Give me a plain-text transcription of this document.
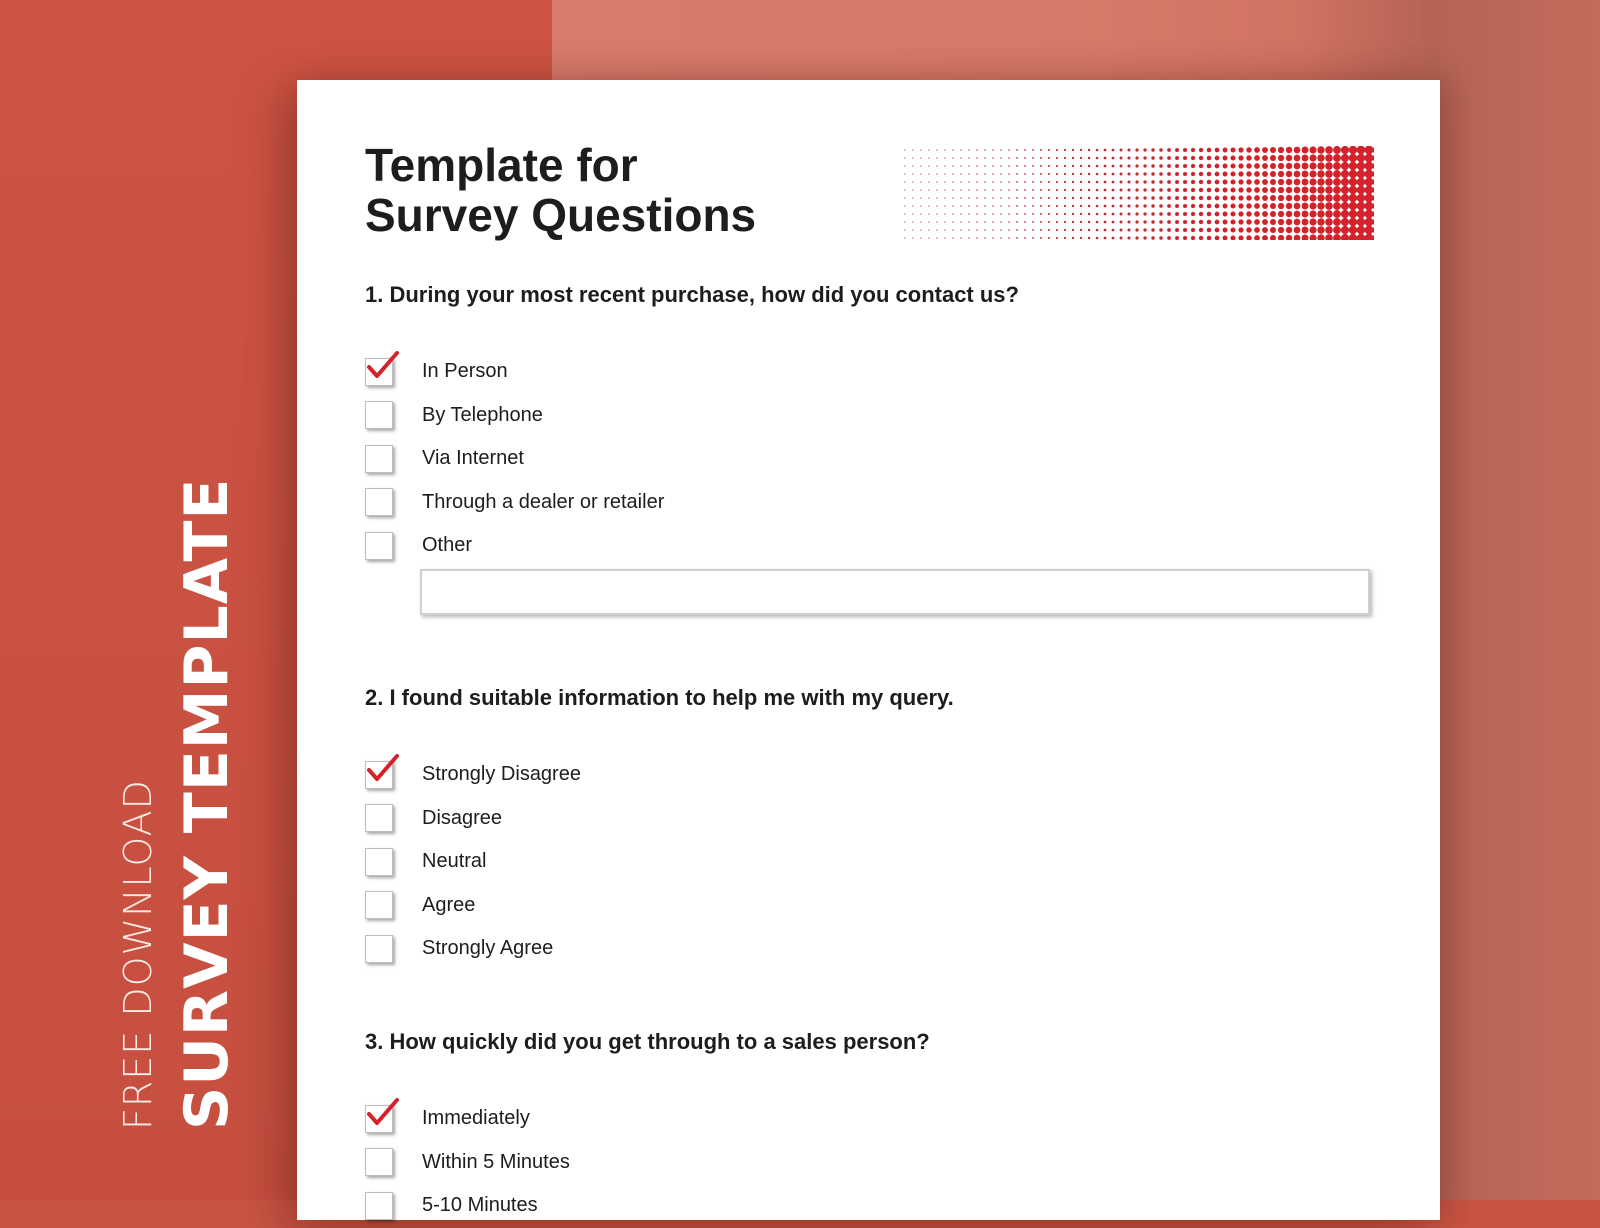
FREE DOWNLOAD SURVEY TEMPLATE
Template for
Survey Questions

1. During your most recent purchase, how did you contact us?

In Person
By Telephone
Via Internet
Through a dealer or retailer
Other

2. I found suitable information to help me with my query.

Strongly Disagree
Disagree
Neutral
Agree
Strongly Agree

3. How quickly did you get through to a sales person?

Immediately
Within 5 Minutes
5-10 Minutes
